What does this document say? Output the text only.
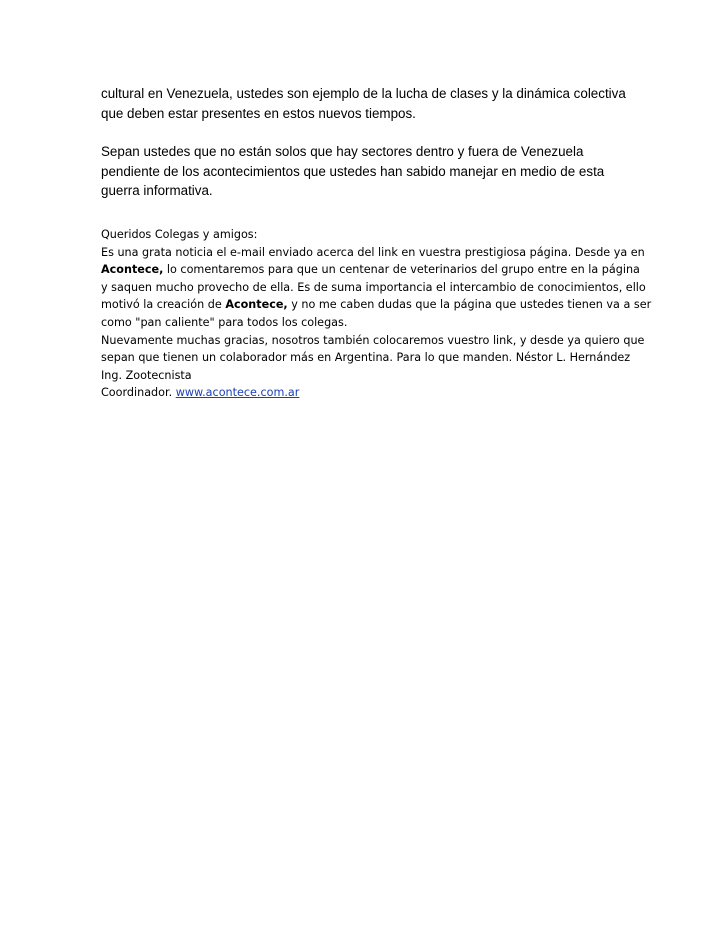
cultural en Venezuela, ustedes son ejemplo de la lucha de clases y la dinámica colectiva

que deben estar presentes en estos nuevos tiempos.

Sepan ustedes que no están solos que hay sectores dentro y fuera de Venezuela

pendiente de los acontecimientos que ustedes han sabido manejar en medio de esta

guerra informativa.

Queridos Colegas y amigos:

Es una grata noticia el e-mail enviado acerca del link en vuestra prestigiosa página. Desde ya en

Acontece, lo comentaremos para que un centenar de veterinarios del grupo entre en la página

y saquen mucho provecho de ella. Es de suma importancia el intercambio de conocimientos, ello

motivó la creación de Acontece, y no me caben dudas que la página que ustedes tienen va a ser

como "pan caliente" para todos los colegas.

Nuevamente muchas gracias, nosotros también colocaremos vuestro link, y desde ya quiero que

sepan que tienen un colaborador más en Argentina. Para lo que manden. Néstor L. Hernández

Ing. Zootecnista

Coordinador. www.acontece.com.ar
